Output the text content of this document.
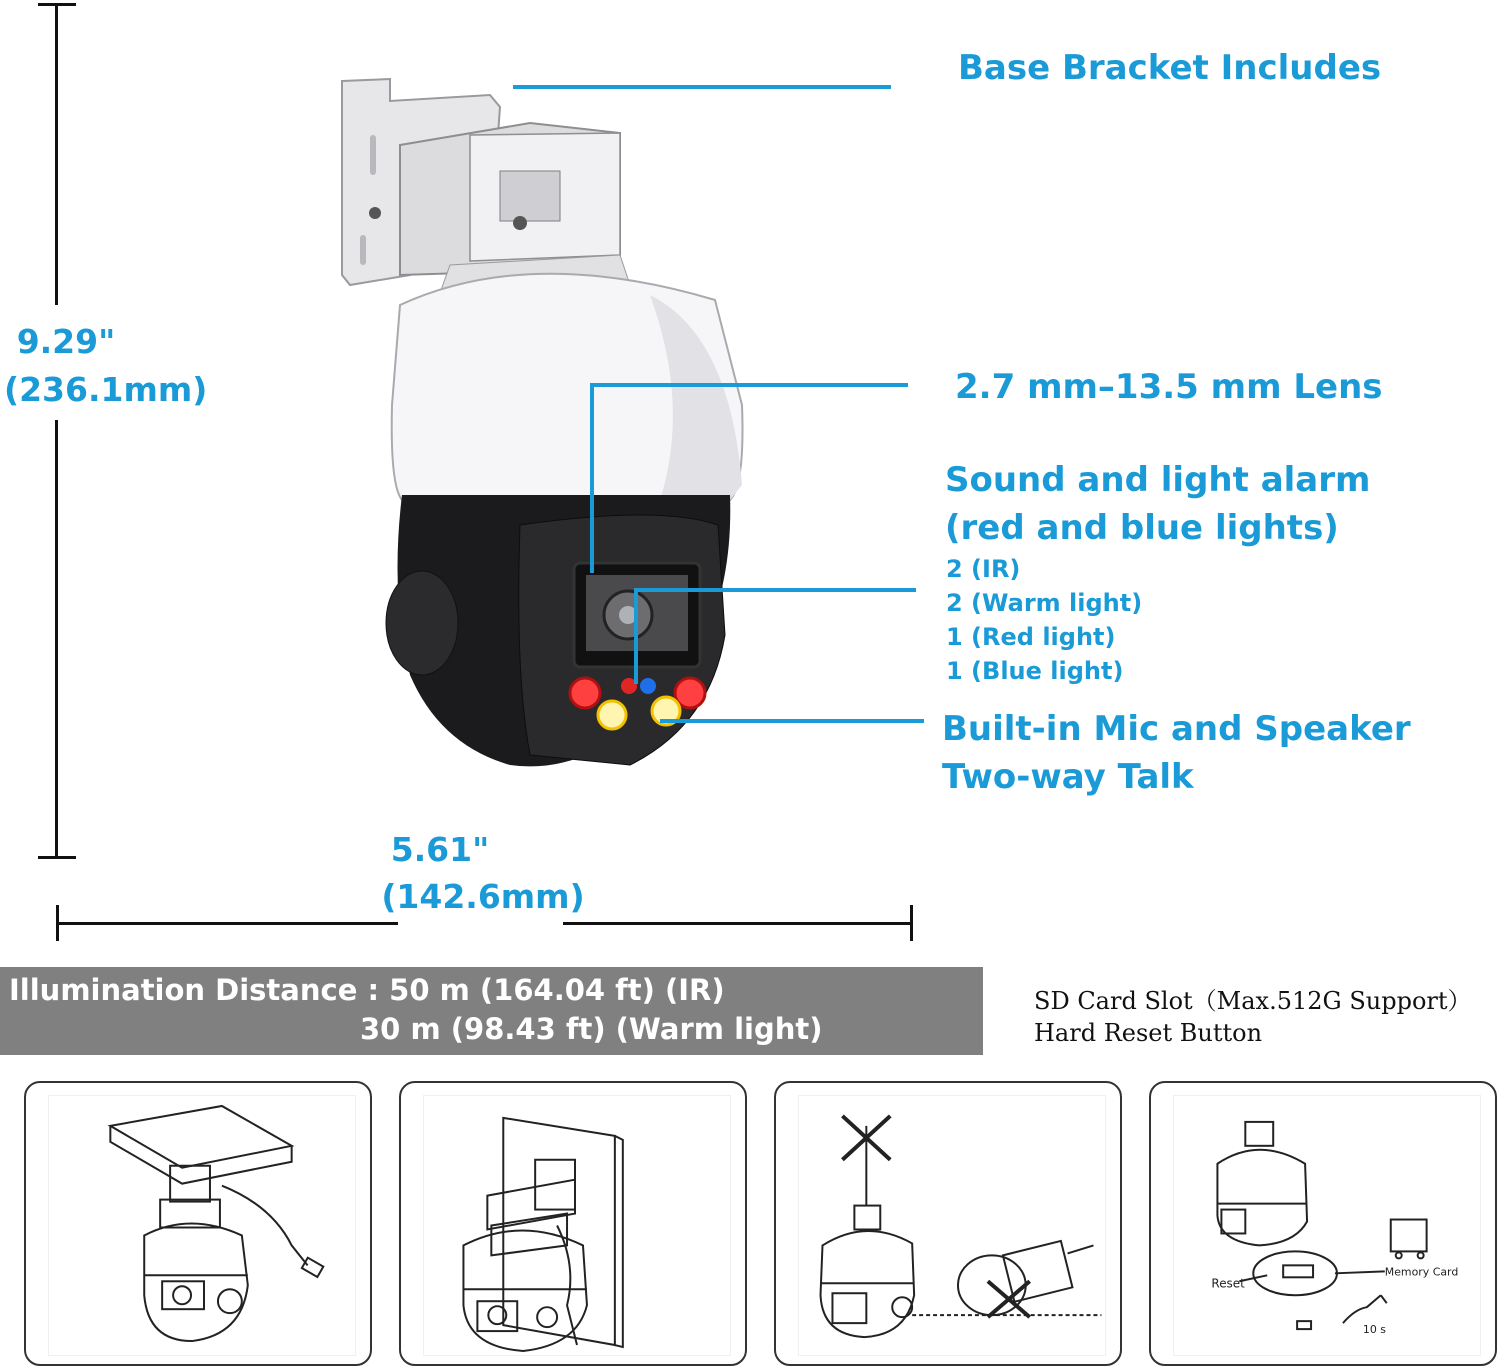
9.29"
(236.1mm)
5.61"
(142.6mm)
Base Bracket Includes
2.7 mm–13.5 mm Lens
Sound and light alarm
(red and blue lights)
2 (IR)
2 (Warm light)
1 (Red light)
1 (Blue light)
Built-in Mic and Speaker
Two-way Talk
Illumination Distance : 50 m (164.04 ft) (IR)
30 m (98.43 ft) (Warm light)
SD Card Slot（Max.512G Support）
Hard Reset Button
Reset
Memory Card
10 s
